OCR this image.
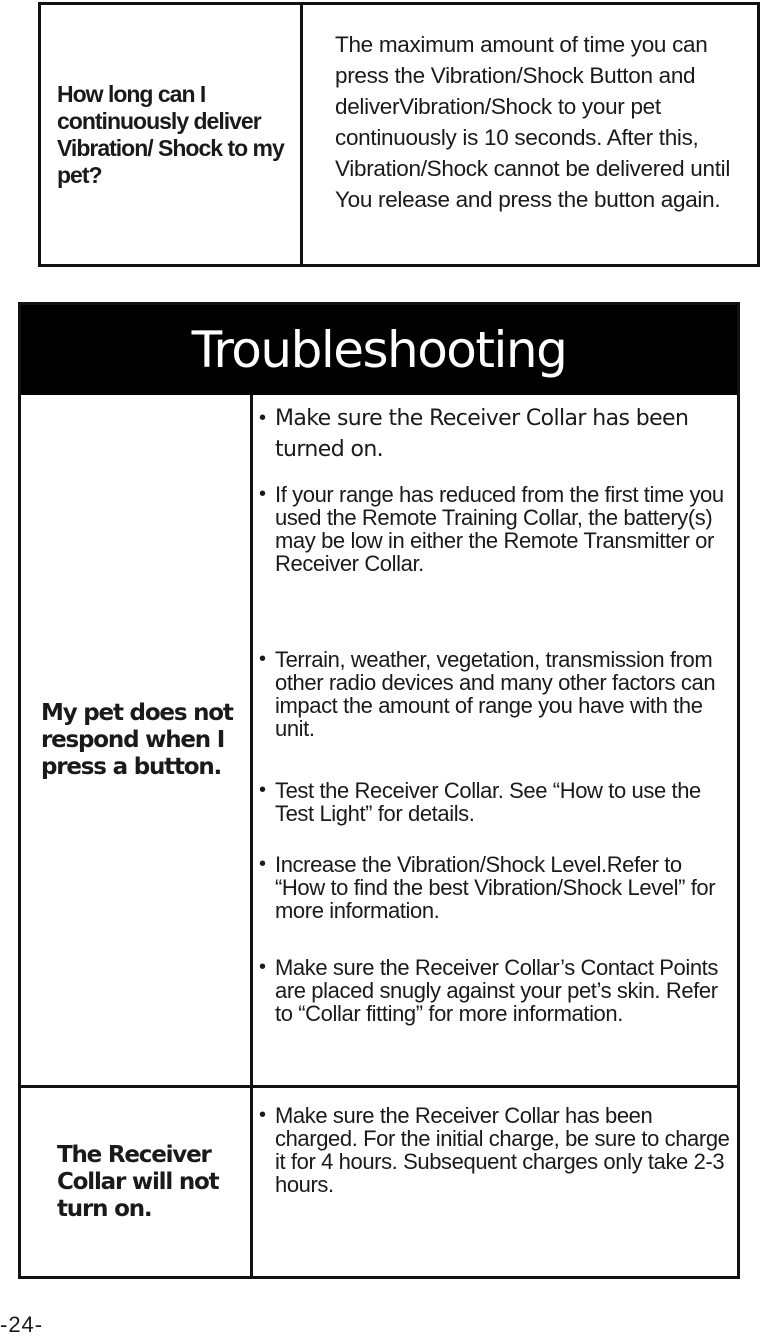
How long can I continuously deliver Vibration/ Shock to my pet?
The maximum amount of time you can press the Vibration/Shock Button and deliverVibration/Shock to your pet continuously is 10 seconds. After this, Vibration/Shock cannot be delivered until You release and press the button again.
Troubleshooting
My pet does not respond when I press a button.
• Make sure the Receiver Collar has been turned on.
• If your range has reduced from the first time you used the Remote Training Collar, the battery(s) may be low in either the Remote Transmitter or Receiver Collar.
• Terrain, weather, vegetation, transmission from other radio devices and many other factors can impact the amount of range you have with the unit.
• Test the Receiver Collar. See “How to use the Test Light” for details.
• Increase the Vibration/Shock Level.Refer to “How to find the best Vibration/Shock Level” for more information.
• Make sure the Receiver Collar’s Contact Points are placed snugly against your pet’s skin. Refer to “Collar fitting” for more information.
The Receiver Collar will not turn on.
• Make sure the Receiver Collar has been charged. For the initial charge, be sure to charge it for 4 hours. Subsequent charges only take 2-3 hours.
-24-
